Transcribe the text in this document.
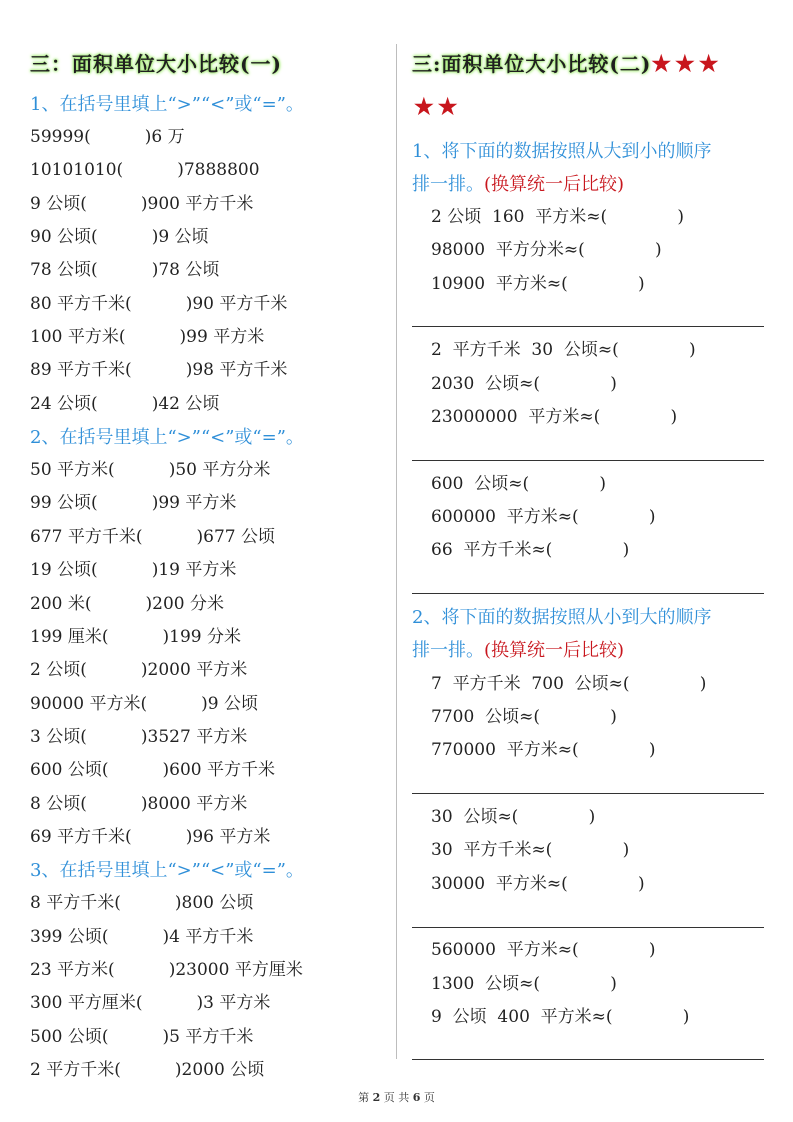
三：面积单位大小比较(一)
1、在括号里填上“>”“<”或“=”。
59999(          )6 万
10101010(          )7888800
9 公顷(          )900 平方千米
90 公顷(          )9 公顷
78 公顷(          )78 公顷
80 平方千米(          )90 平方千米
100 平方米(          )99 平方米
89 平方千米(          )98 平方千米
24 公顷(          )42 公顷
2、在括号里填上“>”“<”或“=”。
50 平方米(          )50 平方分米
99 公顷(          )99 平方米
677 平方千米(          )677 公顷
19 公顷(          )19 平方米
200 米(          )200 分米
199 厘米(          )199 分米
2 公顷(          )2000 平方米
90000 平方米(          )9 公顷
3 公顷(          )3527 平方米
600 公顷(          )600 平方千米
8 公顷(          )8000 平方米
69 平方千米(          )96 平方米
3、在括号里填上“>”“<”或“=”。
8 平方千米(          )800 公顷
399 公顷(          )4 平方千米
23 平方米(          )23000 平方厘米
300 平方厘米(          )3 平方米
500 公顷(          )5 平方千米
2 平方千米(          )2000 公顷
三:面积单位大小比较(二)★★★
★★
1、将下面的数据按照从大到小的顺序
排一排。(换算统一后比较)
2 公顷  160  平方米≈(             )
98000  平方分米≈(             )
10900  平方米≈(             )
2  平方千米  30  公顷≈(             )
2030  公顷≈(             )
23000000  平方米≈(             )
600  公顷≈(             )
600000  平方米≈(             )
66  平方千米≈(             )
2、将下面的数据按照从小到大的顺序
排一排。(换算统一后比较)
7  平方千米  700  公顷≈(             )
7700  公顷≈(             )
770000  平方米≈(             )
30  公顷≈(             )
30  平方千米≈(             )
30000  平方米≈(             )
560000  平方米≈(             )
1300  公顷≈(             )
9  公顷  400  平方米≈(             )
第 2 页 共 6 页
